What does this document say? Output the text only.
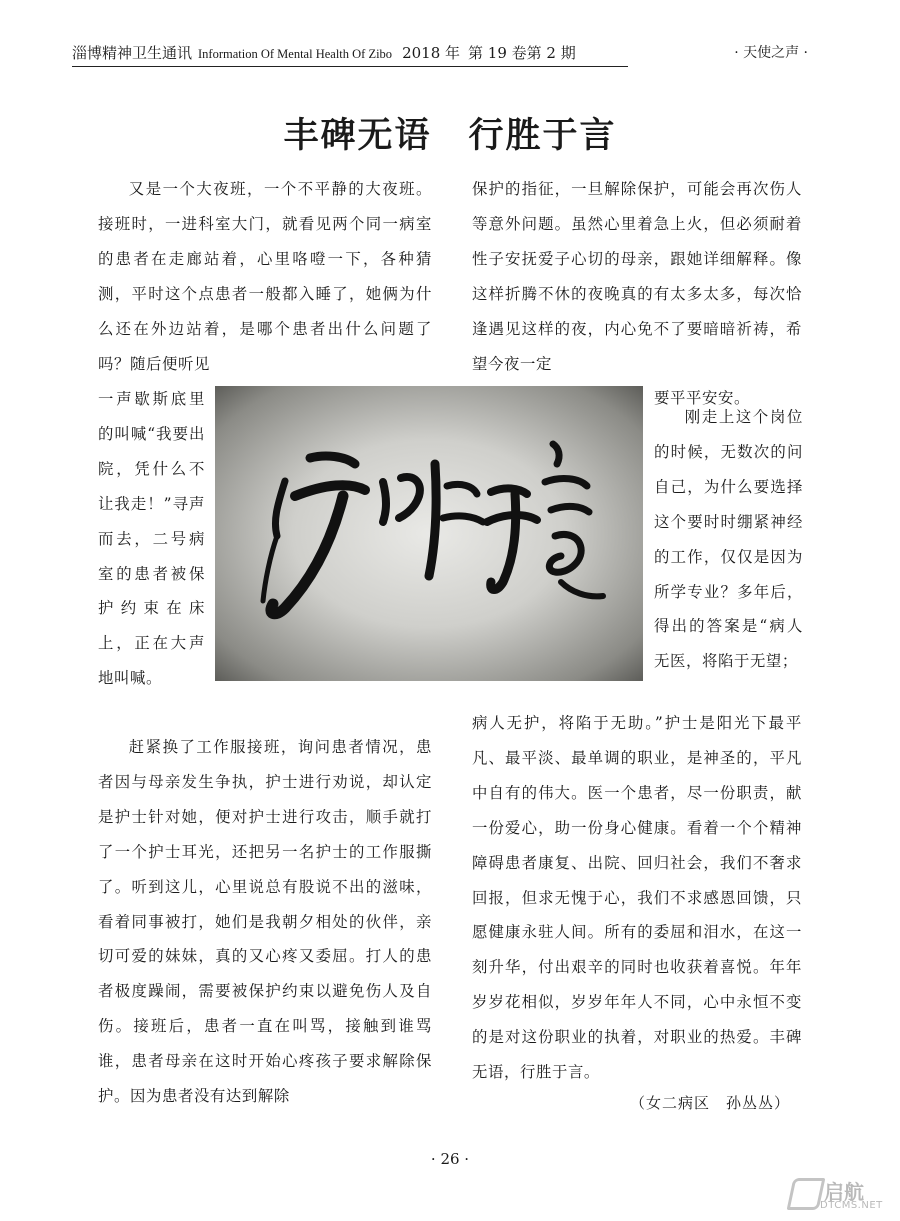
淄博精神卫生通讯 Information Of Mental Health Of Zibo 2018 年 第 19 卷第 2 期	· 天使之声 ·
丰碑无语　行胜于言

又是一个大夜班，一个不平静的大夜班。接班时，一进科室大门，就看见两个同一病室的患者在走廊站着，心里咯噔一下，各种猜测，平时这个点患者一般都入睡了，她俩为什么还在外边站着，是哪个患者出什么问题了吗？随后便听见

一声歇斯底里的叫喊“我要出院，凭什么不让我走！”寻声而去，二号病室的患者被保护约束在床上，正在大声地叫喊。

赶紧换了工作服接班，询问患者情况，患者因与母亲发生争执，护士进行劝说，却认定是护士针对她，便对护士进行攻击，顺手就打了一个护士耳光，还把另一名护士的工作服撕了。听到这儿，心里说总有股说不出的滋味，看着同事被打，她们是我朝夕相处的伙伴，亲切可爱的妹妹，真的又心疼又委屈。打人的患者极度躁闹，需要被保护约束以避免伤人及自伤。接班后，患者一直在叫骂，接触到谁骂谁，患者母亲在这时开始心疼孩子要求解除保护。因为患者没有达到解除

保护的指征，一旦解除保护，可能会再次伤人等意外问题。虽然心里着急上火，但必须耐着性子安抚爱子心切的母亲，跟她详细解释。像这样折腾不休的夜晚真的有太多太多，每次恰逢遇见这样的夜，内心免不了要暗暗祈祷，希望今夜一定

要平平安安。

刚走上这个岗位的时候，无数次的问自己，为什么要选择这个要时时绷紧神经的工作，仅仅是因为所学专业？多年后，得出的答案是“病人无医，将陷于无望；

病人无护，将陷于无助。”护士是阳光下最平凡、最平淡、最单调的职业，是神圣的，平凡中自有的伟大。医一个患者，尽一份职责，献一份爱心，助一份身心健康。看着一个个精神障碍患者康复、出院、回归社会，我们不奢求回报，但求无愧于心，我们不求感恩回馈，只愿健康永驻人间。所有的委屈和泪水，在这一刻升华，付出艰辛的同时也收获着喜悦。年年岁岁花相似，岁岁年年人不同，心中永恒不变的是对这份职业的执着，对职业的热爱。丰碑无语，行胜于言。

（女二病区　孙丛丛）
· 26 ·
启航
DTCMS.NET
